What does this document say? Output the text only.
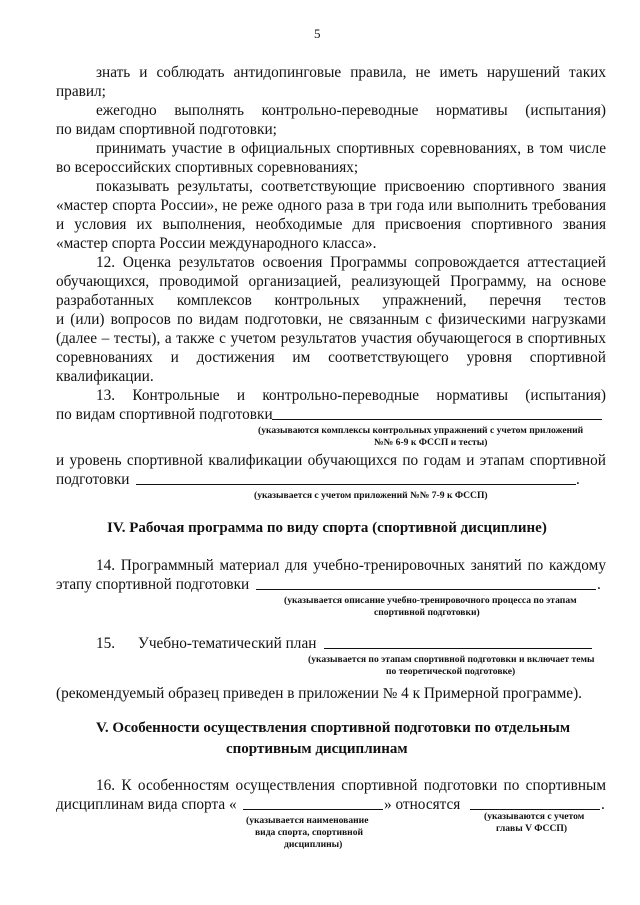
5
знать и соблюдать антидопинговые правила, не иметь нарушений таких
правил;
ежегодно выполнять контрольно-переводные нормативы (испытания)
по видам спортивной подготовки;
принимать участие в официальных спортивных соревнованиях, в том числе
во всероссийских спортивных соревнованиях;
показывать результаты, соответствующие присвоению спортивного звания
«мастер спорта России», не реже одного раза в три года или выполнить требования
и условия их выполнения, необходимые для присвоения спортивного звания
«мастер спорта России международного класса».
12. Оценка результатов освоения Программы сопровождается аттестацией
обучающихся, проводимой организацией, реализующей Программу, на основе
разработанных комплексов контрольных упражнений, перечня тестов
и (или) вопросов по видам подготовки, не связанным с физическими нагрузками
(далее – тесты), а также с учетом результатов участия обучающегося в спортивных
соревнованиях и достижения им соответствующего уровня спортивной
квалификации.
13. Контрольные и контрольно-переводные нормативы (испытания)
по видам спортивной подготовки
(указываются комплексы контрольных упражнений с учетом приложений
№№ 6-9 к ФССП и тесты)
и уровень спортивной квалификации обучающихся по годам и этапам спортивной
подготовки	.
(указывается с учетом приложений №№ 7-9 к ФССП)
IV. Рабочая программа по виду спорта (спортивной дисциплине)
14. Программный материал для учебно-тренировочных занятий по каждому
этапу спортивной подготовки	.
(указывается описание учебно-тренировочного процесса по этапам
спортивной подготовки)
15. Учебно-тематический план
(указывается по этапам спортивной подготовки и включает темы
по теоретической подготовке)
(рекомендуемый образец приведен в приложении № 4 к Примерной программе).
V. Особенности осуществления спортивной подготовки по отдельным
спортивным дисциплинам
16. К особенностям осуществления спортивной подготовки по спортивным
дисциплинам вида спорта «	» относятся	.
(указывается наименование
вида спорта, спортивной
дисциплины)
(указываются с учетом
главы V ФССП)
